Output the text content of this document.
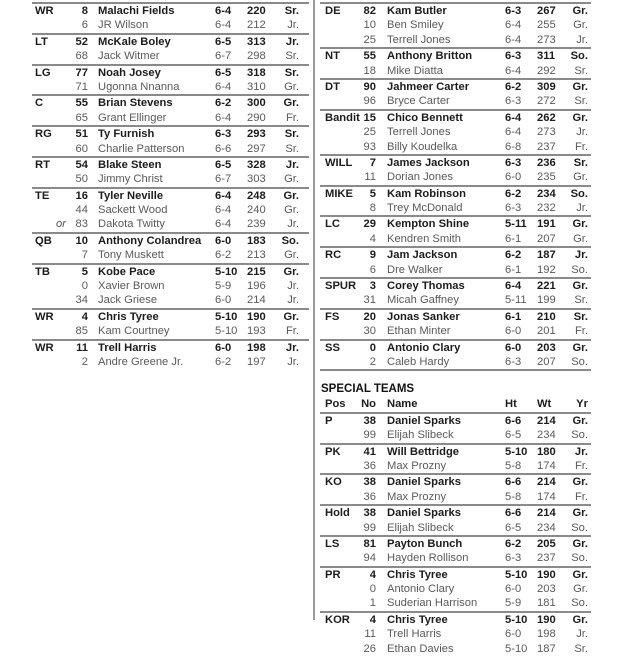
WR	8 Malachi Fields	6-4 220 Sr.
6 JR Wilson	6-4 212 Jr.
LT 52 McKale Boley	6-5 313 Jr.
68 Jack Witmer	6-7 298 Sr.
LG 77 Noah Josey	6-5 318 Sr.
71 Ugonna Nnanna	6-4 310 Gr.
C	55 Brian Stevens	6-2 300 Gr.
65 Grant Ellinger	6-4 290 Fr.
RG 51 Ty Furnish	6-3 293 Sr.
60 Charlie Patterson	6-6 297 Sr.
RT 54 Blake Steen	6-5 328 Jr.
50 Jimmy Christ	6-7 303 Gr.
TE 16 Tyler Neville	6-4 248 Gr.
44 Sackett Wood	6-4 240 Gr.
or 83 Dakota Twitty	6-4 239 Jr.
QB 10 Anthony Colandrea 6-0 183 So.
7 Tony Muskett	6-2 213 Gr.
TB	5 Kobe Pace	5-10 215 Gr.
0 Xavier Brown	5-9 196 Jr.
34 Jack Griese	6-0 214 Jr.
WR	4 Chris Tyree	5-10 190 Gr.
85 Kam Courtney	5-10 193 Fr.
WR 11 Trell Harris	6-0 198 Jr.
2 Andre Greene Jr.	6-2 197 Jr.
DE 82 Kam Butler	6-3 267 Gr.
10 Ben Smiley	6-4 255 Gr.
25 Terrell Jones	6-4 273 Jr.
NT 55 Anthony Britton	6-3 311 So.
18 Mike Diatta	6-4 292 Sr.
DT 90 Jahmeer Carter	6-2 309 Gr.
96 Bryce Carter	6-3 272 Sr.
Bandit 15 Chico Bennett	6-4 262 Gr.
25 Terrell Jones	6-4 273 Jr.
93 Billy Koudelka	6-8 237 Fr.
WILL 7 James Jackson	6-3 236 Sr.
11 Dorian Jones	6-0 235 Gr.
MIKE 5 Kam Robinson	6-2 234 So.
8 Trey McDonald	6-3 232 Jr.
LC 29 Kempton Shine	5-11 191 Gr.
4 Kendren Smith	6-1 207 Gr.
RC	9 Jam Jackson	6-2 187 Jr.
6 Dre Walker	6-1 192 So.
SPUR 3 Corey Thomas	6-4 221 Gr.
31 Micah Gaffney	5-11 199 Sr.
FS 20 Jonas Sanker	6-1 210 Sr.
30 Ethan Minter	6-0 201 Fr.
SS	0 Antonio Clary	6-0 203 Gr.
2 Caleb Hardy	6-3 207 So.
SPECIAL TEAMS
Pos No Name	Ht Wt Yr
P	38 Daniel Sparks	6-6 214 Gr.
99 Elijah Slibeck	6-5 234 So.
PK 41 Will Bettridge	5-10 180 Jr.
36 Max Prozny	5-8 174 Fr.
KO 38 Daniel Sparks	6-6 214 Gr.
36 Max Prozny	5-8 174 Fr.
Hold 38 Daniel Sparks	6-6 214 Gr.
99 Elijah Slibeck	6-5 234 So.
LS 81 Payton Bunch	6-2 205 Gr.
94 Hayden Rollison	6-3 237 So.
PR	4 Chris Tyree	5-10 190 Gr.
0 Antonio Clary	6-0 203 Gr.
1 Suderian Harrison 5-9 181 So.
KOR 4 Chris Tyree	5-10 190 Gr.
11 Trell Harris	6-0 198 Jr.
26 Ethan Davies	5-10 187 Sr.
